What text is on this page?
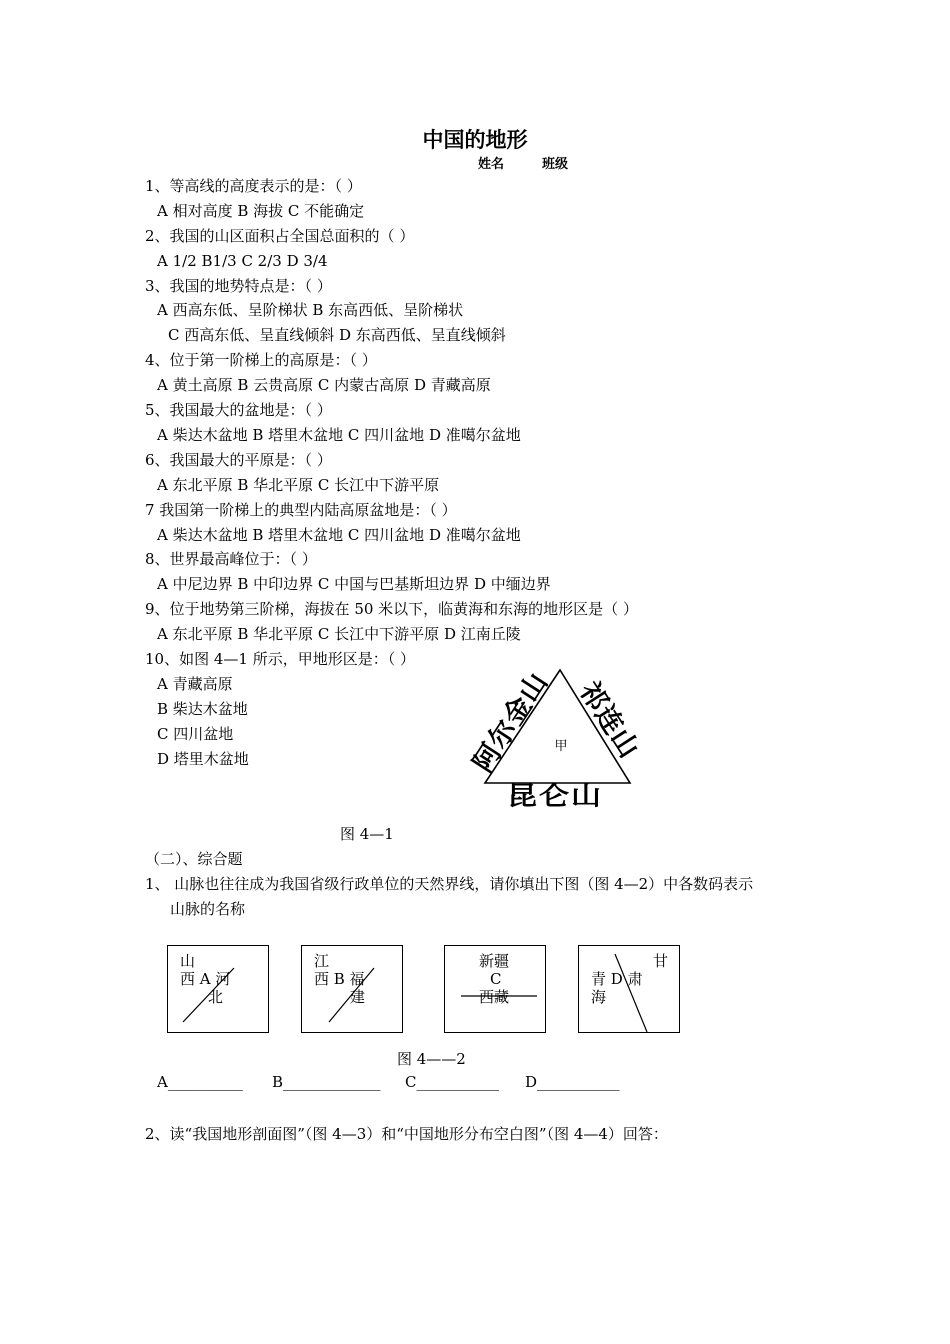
中国的地形
姓名	班级
1、等高线的高度表示的是：（ ）
A 相对高度 B 海拔 C 不能确定
2、我国的山区面积占全国总面积的（ ）
A 1/2 B1/3 C 2/3 D 3/4
3、我国的地势特点是：（ ）
A 西高东低、呈阶梯状 B 东高西低、呈阶梯状
C 西高东低、呈直线倾斜 D 东高西低、呈直线倾斜
4、位于第一阶梯上的高原是：（ ）
A 黄土高原 B 云贵高原 C 内蒙古高原 D 青藏高原
5、我国最大的盆地是：（ ）
A 柴达木盆地 B 塔里木盆地 C 四川盆地 D 准噶尔盆地
6、我国最大的平原是：（ ）
A 东北平原 B 华北平原 C 长江中下游平原
7 我国第一阶梯上的典型内陆高原盆地是：（ ）
A 柴达木盆地 B 塔里木盆地 C 四川盆地 D 准噶尔盆地
8、世界最高峰位于：（ ）
A 中尼边界 B 中印边界 C 中国与巴基斯坦边界 D 中缅边界
9、位于地势第三阶梯，海拔在 50 米以下，临黄海和东海的地形区是（ ）
A 东北平原 B 华北平原 C 长江中下游平原 D 江南丘陵
10、如图 4—1 所示，甲地形区是：（ ）
A 青藏高原
B 柴达木盆地
C 四川盆地
D 塔里木盆地	阿尔金山 祁连山
昆仑山
甲
图 4—1
（二）、综合题
1、 山脉也往往成为我国省级行政单位的天然界线，请你填出下图（图 4—2）中各数码表示
山脉的名称
山
西 A 河
北
江
西 B 福
建
新疆
C
西藏
甘
青 D 肃
海
图 4——2
A__________ B_____________ C___________ D___________
2、读“我国地形剖面图”（图 4—3）和“中国地形分布空白图”（图 4—4）回答：
